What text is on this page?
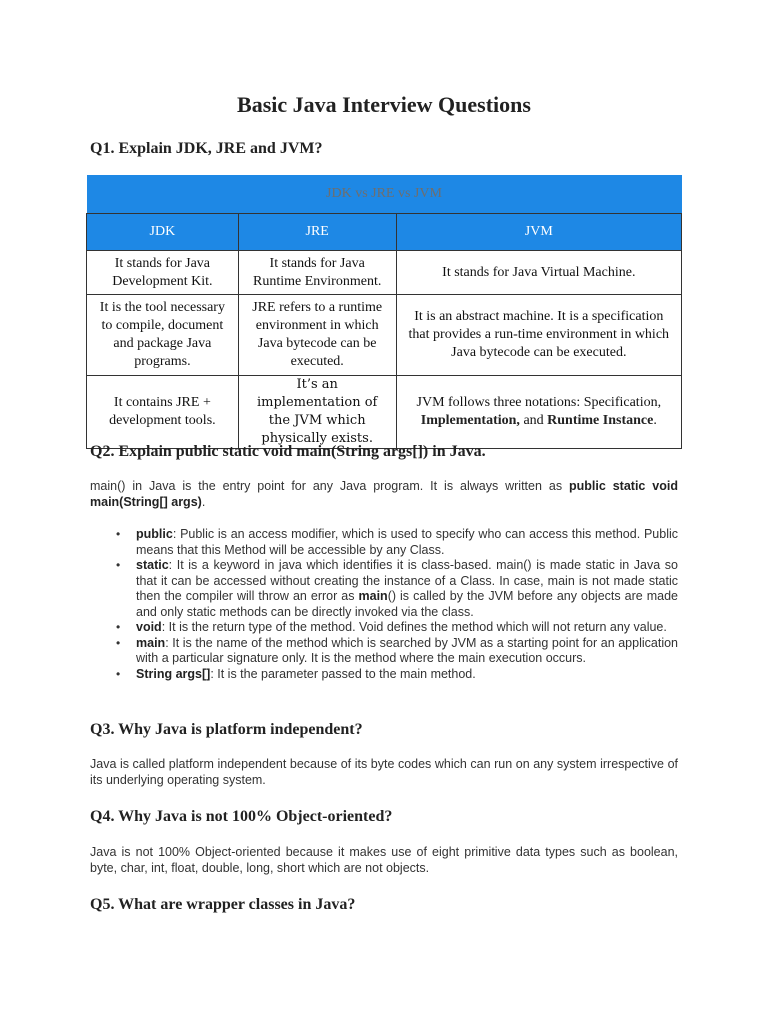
Basic Java Interview Questions
Q1. Explain JDK, JRE and JVM?
JDK vs JRE vs JVM		
JDK	JRE	JVM
It stands for Java Development Kit.	It stands for Java Runtime Environment.	It stands for Java Virtual Machine.
It is the tool necessary to compile, document and package Java programs.	JRE refers to a runtime environment in which Java bytecode can be executed.	It is an abstract machine. It is a specification that provides a run-time environment in which Java bytecode can be executed.
It contains JRE + development tools.	It’s an implementation of the JVM which physically exists.	JVM follows three notations: Specification, Implementation, and Runtime Instance.
Q2. Explain public static void main(String args[]) in Java.

main() in Java is the entry point for any Java program. It is always written as public static void main(String[] args).

• public: Public is an access modifier, which is used to specify who can access this method. Public means that this Method will be accessible by any Class.
• static: It is a keyword in java which identifies it is class-based. main() is made static in Java so that it can be accessed without creating the instance of a Class. In case, main is not made static then the compiler will throw an error as main() is called by the JVM before any objects are made and only static methods can be directly invoked via the class.
• void: It is the return type of the method. Void defines the method which will not return any value.
• main: It is the name of the method which is searched by JVM as a starting point for an application with a particular signature only. It is the method where the main execution occurs.
• String args[]: It is the parameter passed to the main method.
Q3. Why Java is platform independent?

Java is called platform independent because of its byte codes which can run on any system irrespective of its underlying operating system.

Q4. Why Java is not 100% Object-oriented?

Java is not 100% Object-oriented because it makes use of eight primitive data types such as boolean, byte, char, int, float, double, long, short which are not objects.

Q5. What are wrapper classes in Java?
